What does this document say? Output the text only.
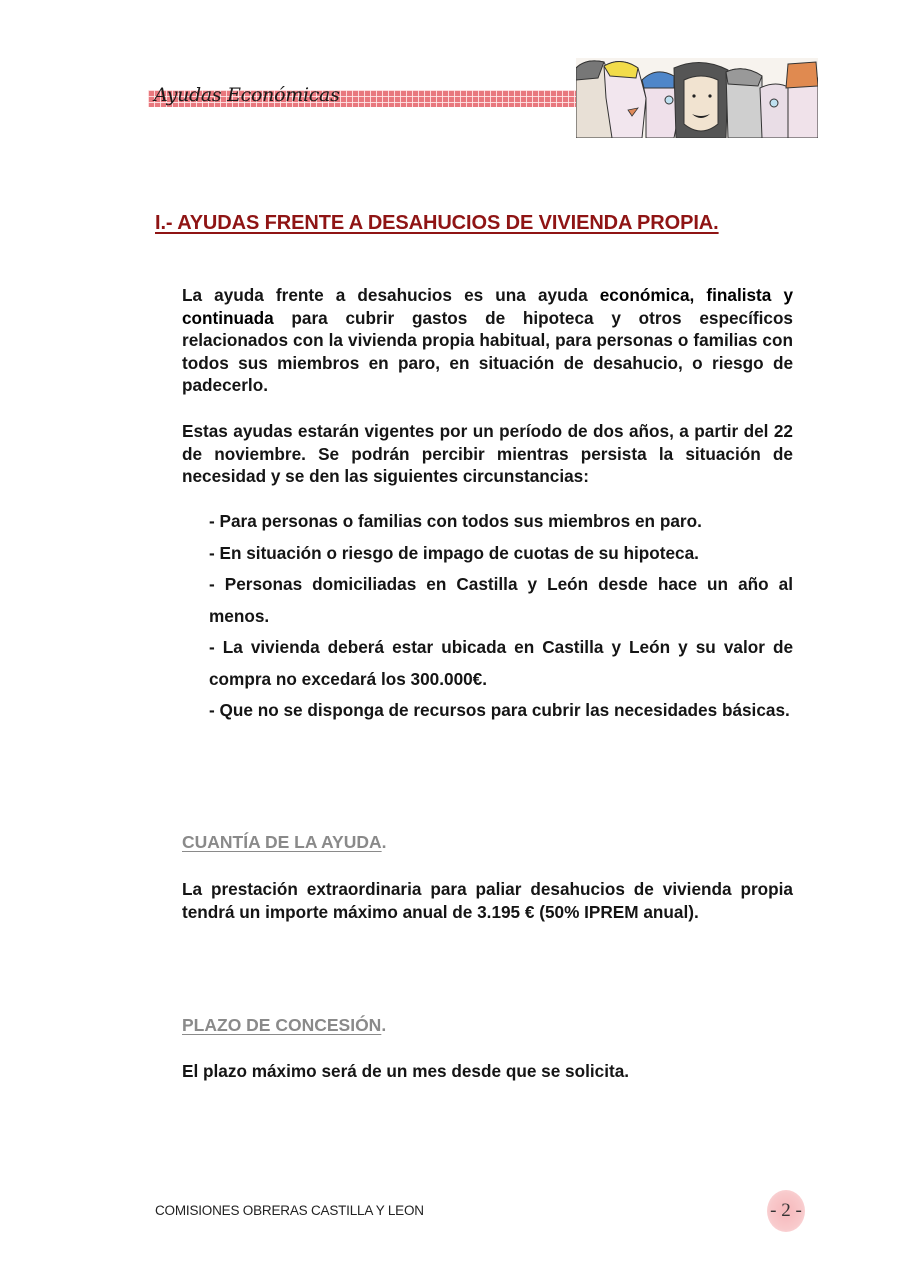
Ayudas Económicas
I.- AYUDAS FRENTE A DESAHUCIOS DE VIVIENDA PROPIA.

La ayuda frente a desahucios es una ayuda económica, finalista y continuada para cubrir gastos de hipoteca y otros específicos relacionados con la vivienda propia habitual, para personas o familias con todos sus miembros en paro, en situación de desahucio, o riesgo de padecerlo.

Estas ayudas estarán vigentes por un período de dos años, a partir del 22 de noviembre. Se podrán percibir mientras persista la situación de necesidad y se den las siguientes circunstancias:

- Para personas o familias con todos sus miembros en paro.
- En situación o riesgo de impago de cuotas de su hipoteca.
- Personas domiciliadas en Castilla y León desde hace un año al menos.
- La vivienda deberá estar ubicada en Castilla y León y su valor de compra no excedará los 300.000€.
- Que no se disponga de recursos para cubrir las necesidades básicas.
CUANTÍA DE LA AYUDA.

La prestación extraordinaria para paliar desahucios de vivienda propia tendrá un importe máximo anual de 3.195 € (50% IPREM anual).

PLAZO DE CONCESIÓN.

El plazo máximo será de un mes desde que se solicita.

COMISIONES OBRERAS CASTILLA Y LEON	- 2 -
